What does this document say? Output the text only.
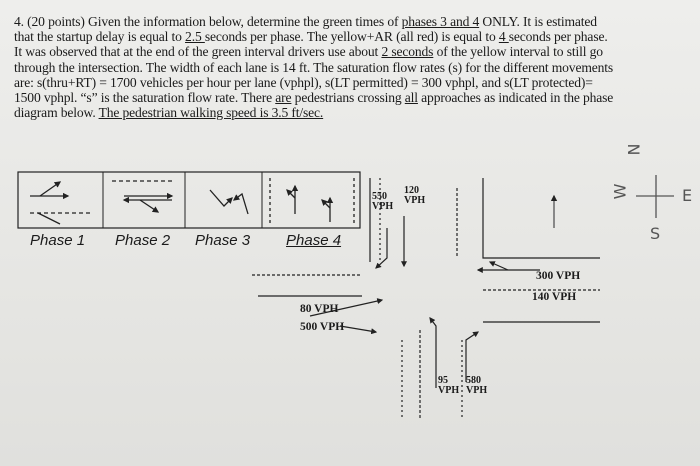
4. (20 points) Given the information below, determine the green times of phases 3 and 4 ONLY. It is estimated that the startup delay is equal to 2.5 seconds per phase. The yellow+AR (all red) is equal to 4 seconds per phase. It was observed that at the end of the green interval drivers use about 2 seconds of the yellow interval to still go through the intersection. The width of each lane is 14 ft. The saturation flow rates (s) for the different movements are: s(thru+RT) = 1700 vehicles per hour per lane (vphpl), s(LT permitted) = 300 vphpl, and s(LT protected)= 1500 vphpl. “s” is the saturation flow rate. There are pedestrians crossing all approaches as indicated in the phase diagram below. The pedestrian walking speed is 3.5 ft/sec.

Phase 1 Phase 2 Phase 3 Phase 4
550
VPH
120
VPH
300 VPH
140 VPH
80 VPH
500 VPH
95
VPH
580
VPH
N
S
E
W
